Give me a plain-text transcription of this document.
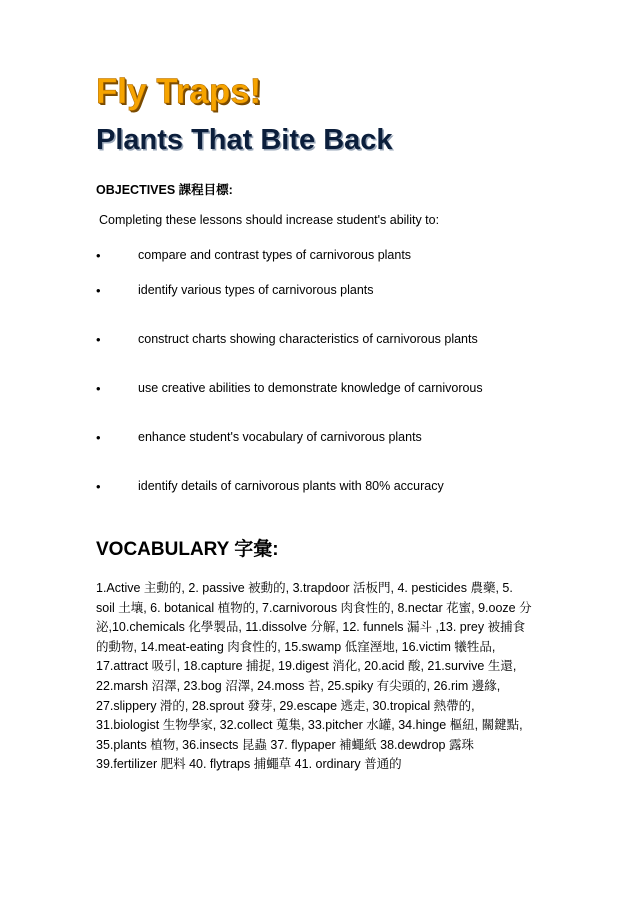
Fly Traps!
Plants That Bite Back
OBJECTIVES 課程目標:
Completing these lessons should increase student's ability to:
•	compare and contrast types of carnivorous plants
•	identify various types of carnivorous plants
•	construct charts showing characteristics of carnivorous plants
•	use creative abilities to demonstrate knowledge of carnivorous
•	enhance student's vocabulary of carnivorous plants
•	identify details of carnivorous plants with 80% accuracy
VOCABULARY 字彙:
1.Active 主動的, 2. passive 被動的, 3.trapdoor 活板門, 4. pesticides 農藥, 5.
soil 土壤, 6. botanical 植物的, 7.carnivorous 肉食性的, 8.nectar 花蜜, 9.ooze 分
泌,10.chemicals 化學製品, 11.dissolve 分解, 12. funnels 漏斗 ,13. prey 被捕食
的動物, 14.meat-eating 肉食性的, 15.swamp 低窪溼地, 16.victim 犧牲品,
17.attract 吸引, 18.capture 捕捉, 19.digest 消化, 20.acid 酸, 21.survive 生還,
22.marsh 沼澤, 23.bog 沼澤, 24.moss 苔, 25.spiky 有尖頭的, 26.rim 邊緣,
27.slippery 滑的, 28.sprout 發芽, 29.escape 逃走, 30.tropical 熱帶的,
31.biologist 生物學家, 32.collect 蒐集, 33.pitcher 水罐, 34.hinge 樞紐, 關鍵點,
35.plants 植物, 36.insects 昆蟲 37. flypaper 補蠅紙 38.dewdrop 露珠
39.fertilizer 肥料 40. flytraps 捕蠅草 41. ordinary 普通的
